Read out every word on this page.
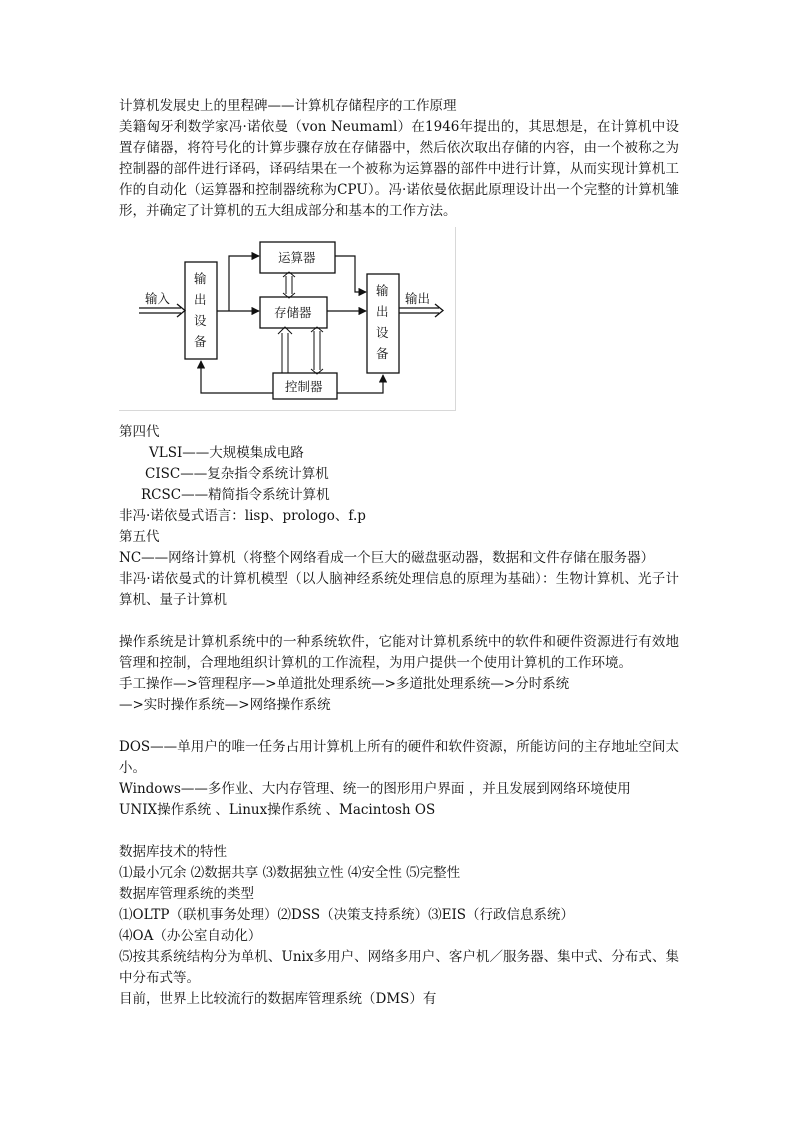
计算机发展史上的里程碑——计算机存储程序的工作原理

美籍匈牙利数学家冯·诺依曼（von Neumaml）在1946年提出的，其思想是，在计算机中设置存储器，将符号化的计算步骤存放在存储器中，然后依次取出存储的内容，由一个被称之为控制器的部件进行译码，译码结果在一个被称为运算器的部件中进行计算，从而实现计算机工作的自动化（运算器和控制器统称为CPU）。冯·诺依曼依据此原理设计出一个完整的计算机雏形，并确定了计算机的五大组成部分和基本的工作方法。

输入	输出
输
出
设
备
输
出
设
备
运算器
存储器
控制器
第四代
VLSI——大规模集成电路
CISC——复杂指令系统计算机
RCSC——精简指令系统计算机
非冯·诺依曼式语言：lisp、prologo、f.p
第五代
NC——网络计算机（将整个网络看成一个巨大的磁盘驱动器，数据和文件存储在服务器）

非冯·诺依曼式的计算机模型（以人脑神经系统处理信息的原理为基础）：生物计算机、光子计算机、量子计算机

操作系统是计算机系统中的一种系统软件，它能对计算机系统中的软件和硬件资源进行有效地管理和控制，合理地组织计算机的工作流程，为用户提供一个使用计算机的工作环境。

手工操作—>管理程序—>单道批处理系统—>多道批处理系统—>分时系统
—>实时操作系统—>网络操作系统

DOS——单用户的唯一任务占用计算机上所有的硬件和软件资源，所能访问的主存地址空间太小。

Windows——多作业、大内存管理、统一的图形用户界面 ，并且发展到网络环境使用
UNIX操作系统 、Linux操作系统 、Macintosh OS
数据库技术的特性
⑴最小冗余 ⑵数据共享 ⑶数据独立性 ⑷安全性 ⑸完整性
数据库管理系统的类型
⑴OLTP（联机事务处理）⑵DSS（决策支持系统）⑶EIS（行政信息系统）
⑷OA（办公室自动化）

⑸按其系统结构分为单机、Unix多用户、网络多用户、客户机／服务器、集中式、分布式、集中分布式等。

目前，世界上比较流行的数据库管理系统（DMS）有
